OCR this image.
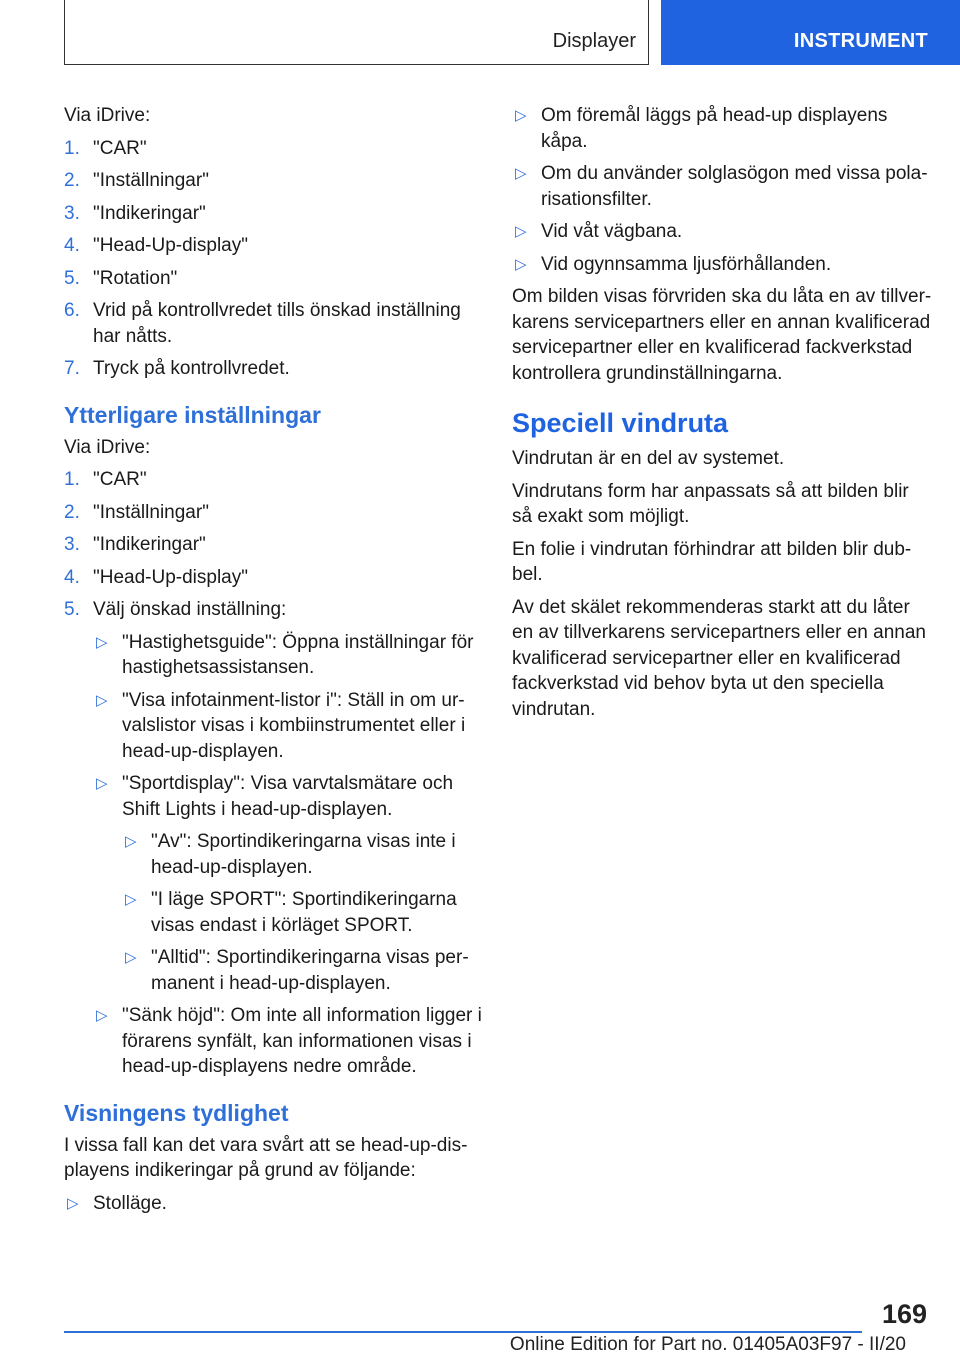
Displayer	INSTRUMENT

Via iDrive:

1. "CAR"
2. "Inställningar"
3. "Indikeringar"
4. "Head-Up-display"
5. "Rotation"
6. Vrid på kontrollvredet tills önskad inställning har nåtts.
7. Tryck på kontrollvredet.
Ytterligare inställningar

Via iDrive:

1. "CAR"
2. "Inställningar"
3. "Indikeringar"
4. "Head-Up-display"
5. Välj önskad inställning:
▷ "Hastighetsguide": Öppna inställningar för hastighetsassistansen.
▷ "Visa infotainment-listor i": Ställ in om urvalslistor visas i kombiinstrumentet eller i head-up-displayen.
▷ "Sportdisplay": Visa varvtalsmätare och Shift Lights i head-up-displayen.
▷ "Av": Sportindikeringarna visas inte i head-up-displayen.
▷ "I läge SPORT": Sportindikeringarna visas endast i körläget SPORT.
▷ "Alltid": Sportindikeringarna visas permanent i head-up-displayen.
▷ "Sänk höjd": Om inte all information ligger i förarens synfält, kan informationen visas i head-up-displayens nedre område.
Visningens tydlighet

I vissa fall kan det vara svårt att se head-up-displayens indikeringar på grund av följande:

▷ Stolläge.
▷ Om föremål läggs på head-up displayens kåpa.
▷ Om du använder solglasögon med vissa polarisationsfilter.
▷ Vid våt vägbana.
▷ Vid ogynnsamma ljusförhållanden.

Om bilden visas förvriden ska du låta en av tillverkarens servicepartners eller en annan kvalificerad servicepartner eller en kvalificerad fackverkstad kontrollera grundinställningarna.

Speciell vindruta

Vindrutan är en del av systemet.

Vindrutans form har anpassats så att bilden blir så exakt som möjligt.

En folie i vindrutan förhindrar att bilden blir dubbel.

Av det skälet rekommenderas starkt att du låter en av tillverkarens servicepartners eller en annan kvalificerad servicepartner eller en kvalificerad fackverkstad vid behov byta ut den speciella vindrutan.

169
Online Edition for Part no. 01405A03F97 - II/20
